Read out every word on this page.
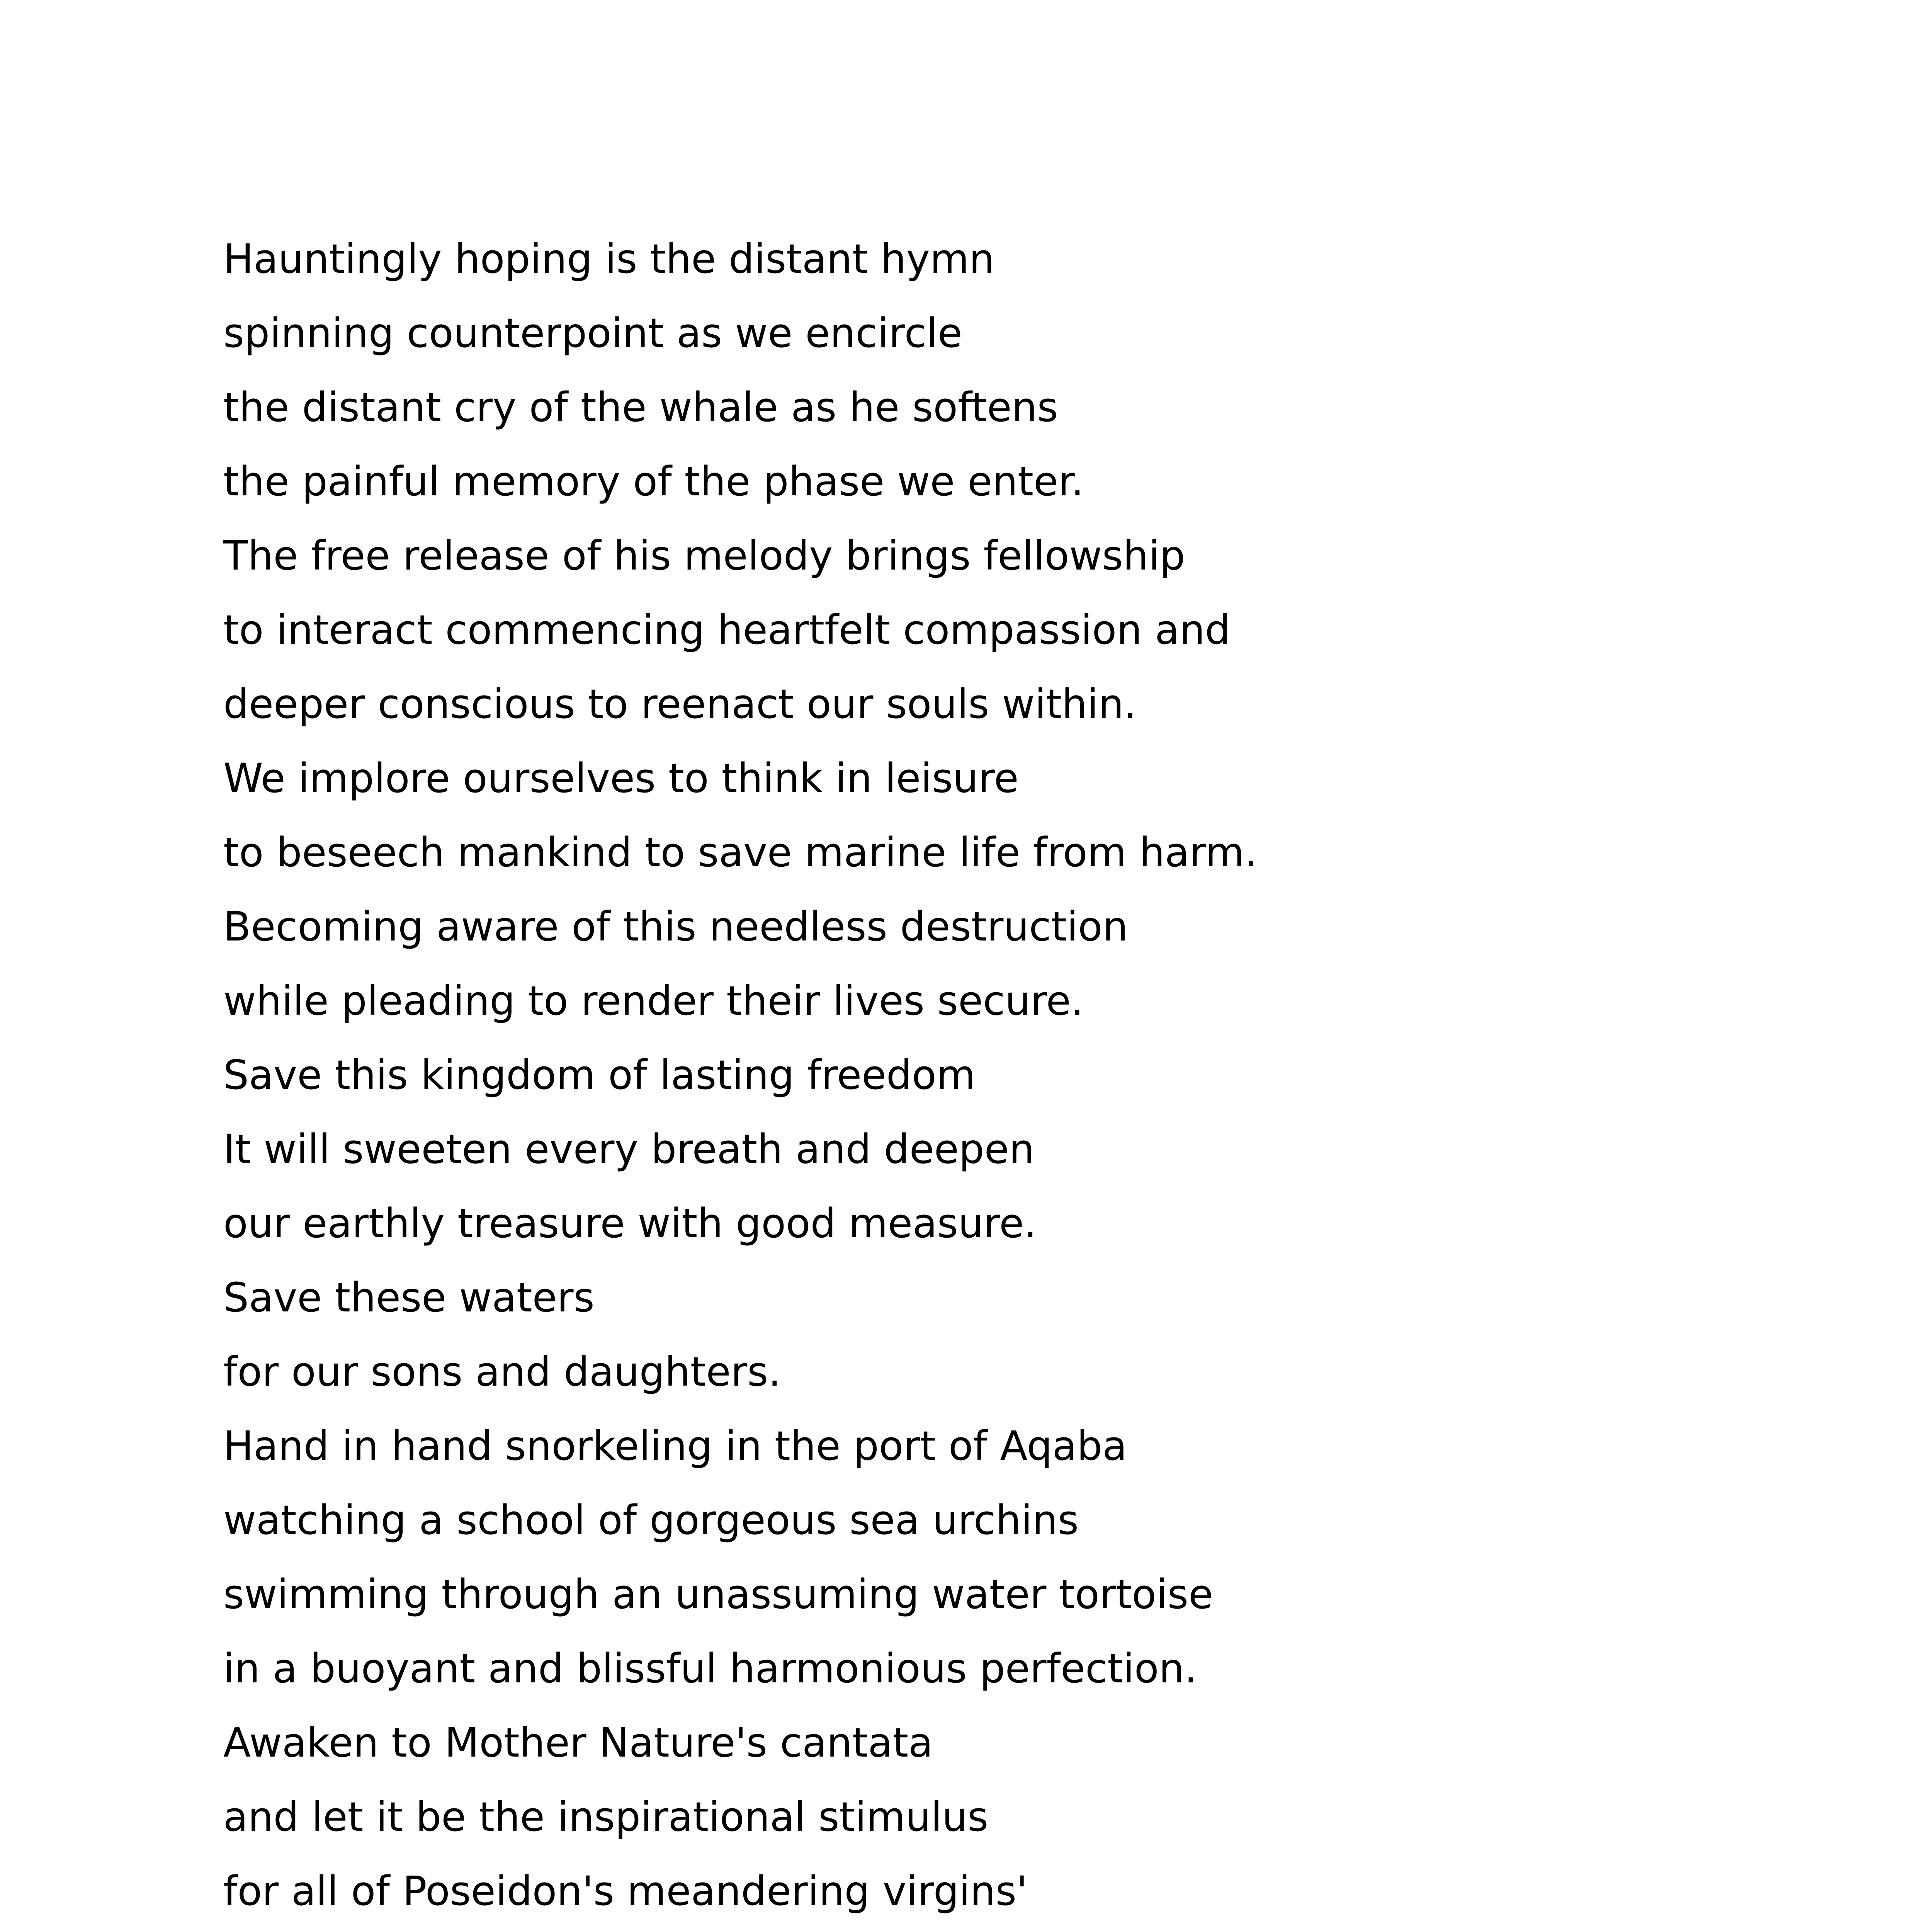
Hauntingly hoping is the distant hymn
spinning counterpoint as we encircle
the distant cry of the whale as he softens
the painful memory of the phase we enter.
The free release of his melody brings fellowship
to interact commencing heartfelt compassion and
deeper conscious to reenact our souls within.
We implore ourselves to think in leisure
to beseech mankind to save marine life from harm.
Becoming aware of this needless destruction
while pleading to render their lives secure.
Save this kingdom of lasting freedom
It will sweeten every breath and deepen
our earthly treasure with good measure.
Save these waters
for our sons and daughters.
Hand in hand snorkeling in the port of Aqaba
watching a school of gorgeous sea urchins
swimming through an unassuming water tortoise
in a buoyant and blissful harmonious perfection.
Awaken to Mother Nature's cantata
and let it be the inspirational stimulus
for all of Poseidon's meandering virgins'
